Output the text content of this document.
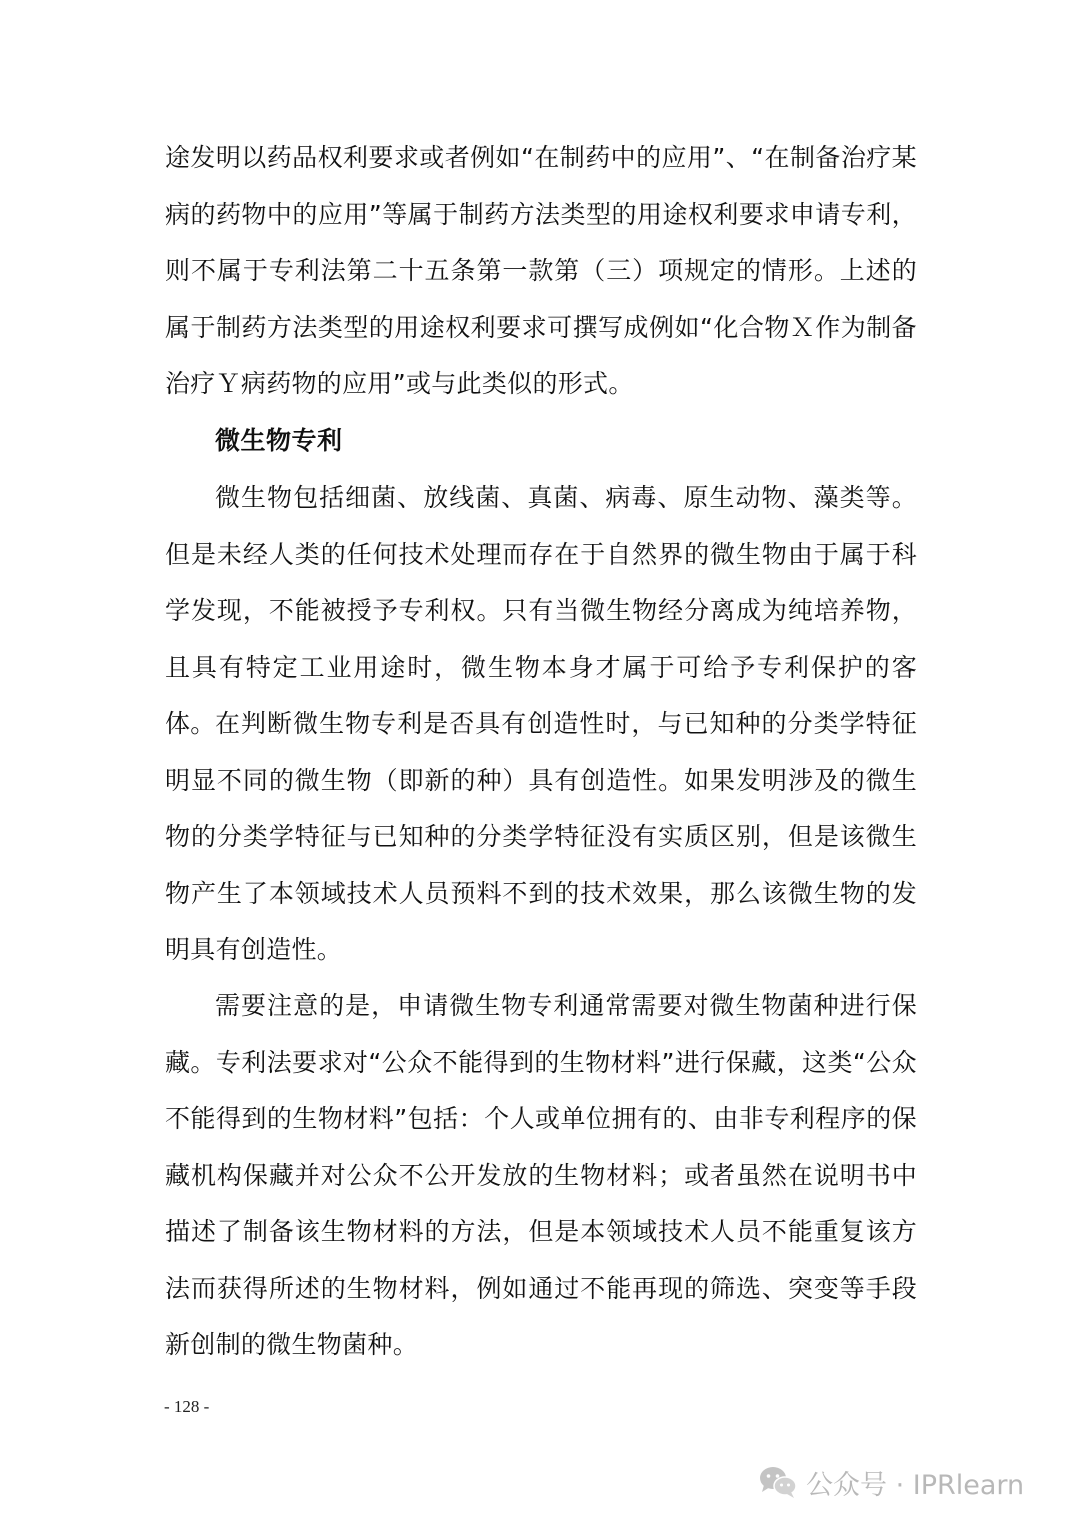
途发明以药品权利要求或者例如“在制药中的应用”、“在制备治疗某病的药物中的应用”等属于制药方法类型的用途权利要求申请专利，则不属于专利法第二十五条第一款第（三）项规定的情形。上述的属于制药方法类型的用途权利要求可撰写成例如“化合物Ｘ作为制备治疗Ｙ病药物的应用”或与此类似的形式。

微生物专利

微生物包括细菌、放线菌、真菌、病毒、原生动物、藻类等。但是未经人类的任何技术处理而存在于自然界的微生物由于属于科学发现，不能被授予专利权。只有当微生物经分离成为纯培养物，且具有特定工业用途时，微生物本身才属于可给予专利保护的客体。 在判断微生物专利是否具有创造性时，与已知种的分类学特征明显不同的微生物（即新的种）具有创造性。如果发明涉及的微生物的分类学特征与已知种的分类学特征没有实质区别，但是该微生物产生了本领域技术人员预料不到的技术效果，那么该微生物的发明具有创造性。

需要注意的是，申请微生物专利通常需要对微生物菌种进行保藏。专利法要求对“公众不能得到的生物材料”进行保藏，这类“公众不能得到的生物材料”包括：个人或单位拥有的、由非专利程序的保藏机构保藏并对公众不公开发放的生物材料；或者虽然在说明书中描述了制备该生物材料的方法，但是本领域技术人员不能重复该方法而获得所述的生物材料，例如通过不能再现的筛选、突变等手段新创制的微生物菌种。

- 128 -
公众号 · IPRlearn
